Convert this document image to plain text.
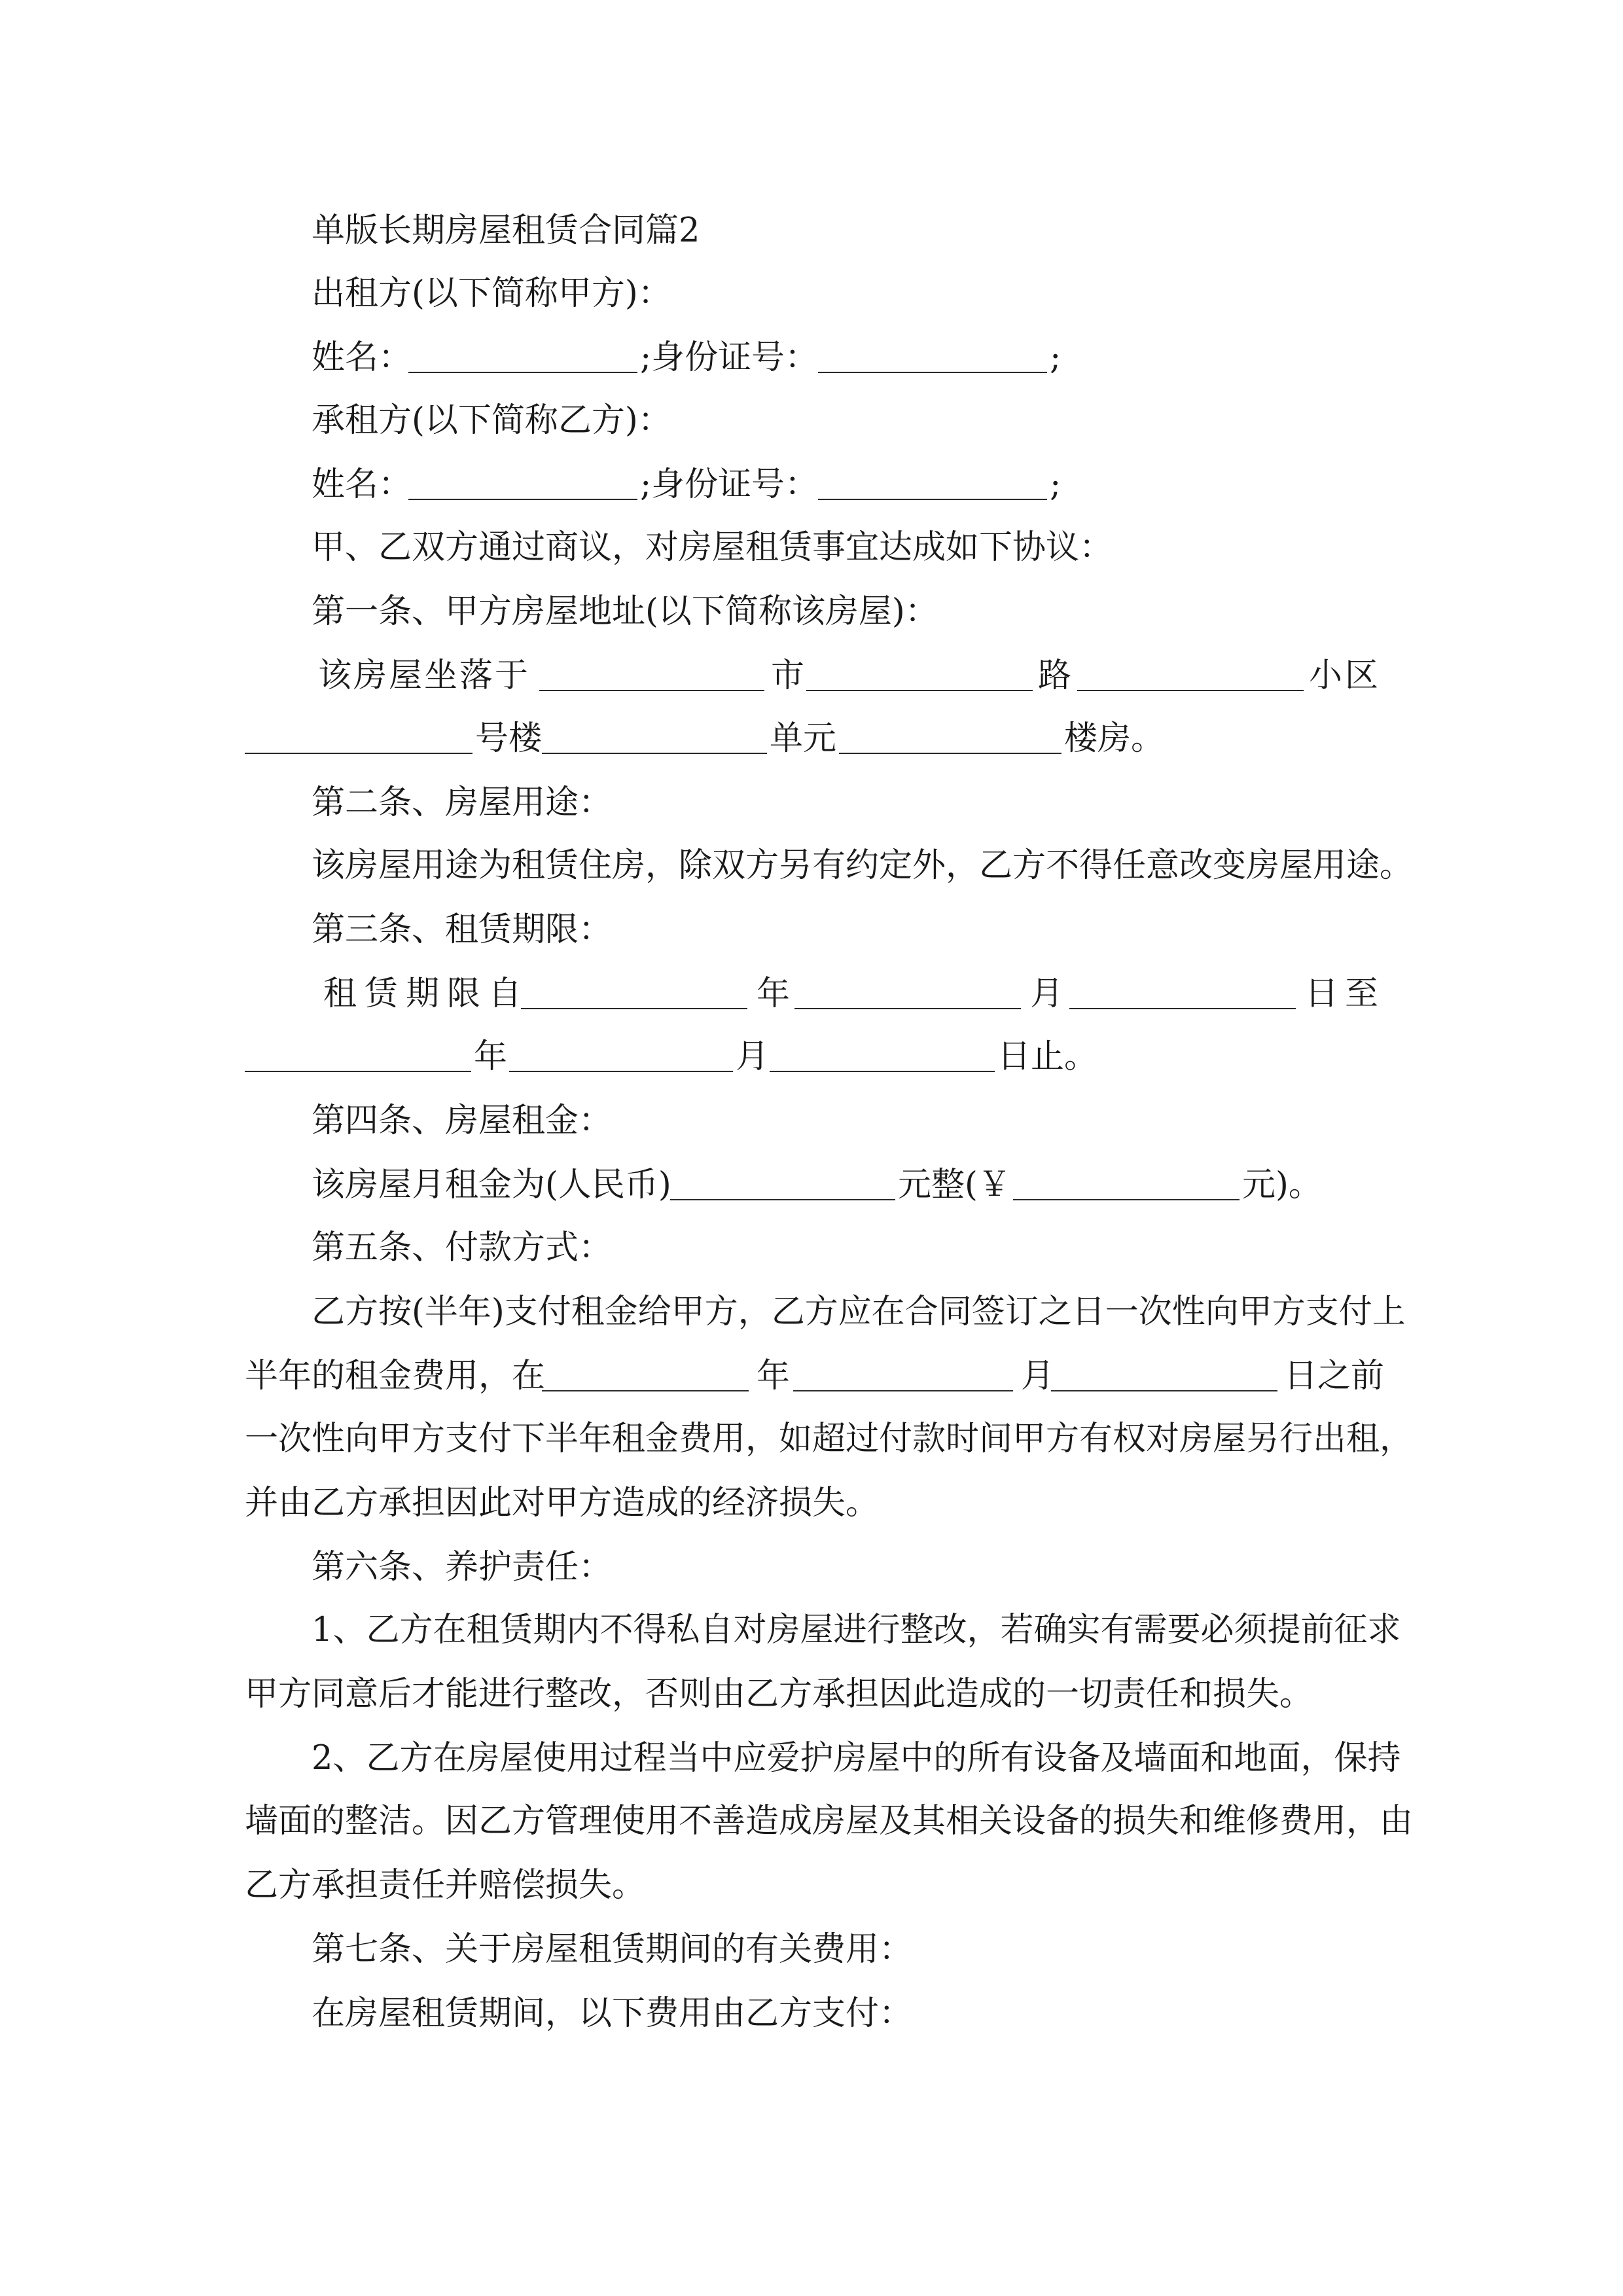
单版长期房屋租赁合同篇2
出租方(以下简称甲方)：
姓名：	;身份证号：	;
承租方(以下简称乙方)：
姓名：	;身份证号：	;
甲、乙双方通过商议，对房屋租赁事宜达成如下协议：
第一条、甲方房屋地址(以下简称该房屋)：
该房屋坐落于	市	路	小区
号楼	单元	楼房。
第二条、房屋用途：
该房屋用途为租赁住房，除双方另有约定外，乙方不得任意改变房屋用途。
第三条、租赁期限：
租赁期限自	年	月	日至
年	月	日止。
第四条、房屋租金：
该房屋月租金为(人民币)	元整(￥	元)。
第五条、付款方式：
乙方按(半年)支付租金给甲方，乙方应在合同签订之日一次性向甲方支付上
半年的租金费用，在	年	月	日之前
一次性向甲方支付下半年租金费用，如超过付款时间甲方有权对房屋另行出租，
并由乙方承担因此对甲方造成的经济损失。
第六条、养护责任：
1、乙方在租赁期内不得私自对房屋进行整改，若确实有需要必须提前征求
甲方同意后才能进行整改，否则由乙方承担因此造成的一切责任和损失。
2、乙方在房屋使用过程当中应爱护房屋中的所有设备及墙面和地面，保持
墙面的整洁。因乙方管理使用不善造成房屋及其相关设备的损失和维修费用，由
乙方承担责任并赔偿损失。
第七条、关于房屋租赁期间的有关费用：
在房屋租赁期间，以下费用由乙方支付：
